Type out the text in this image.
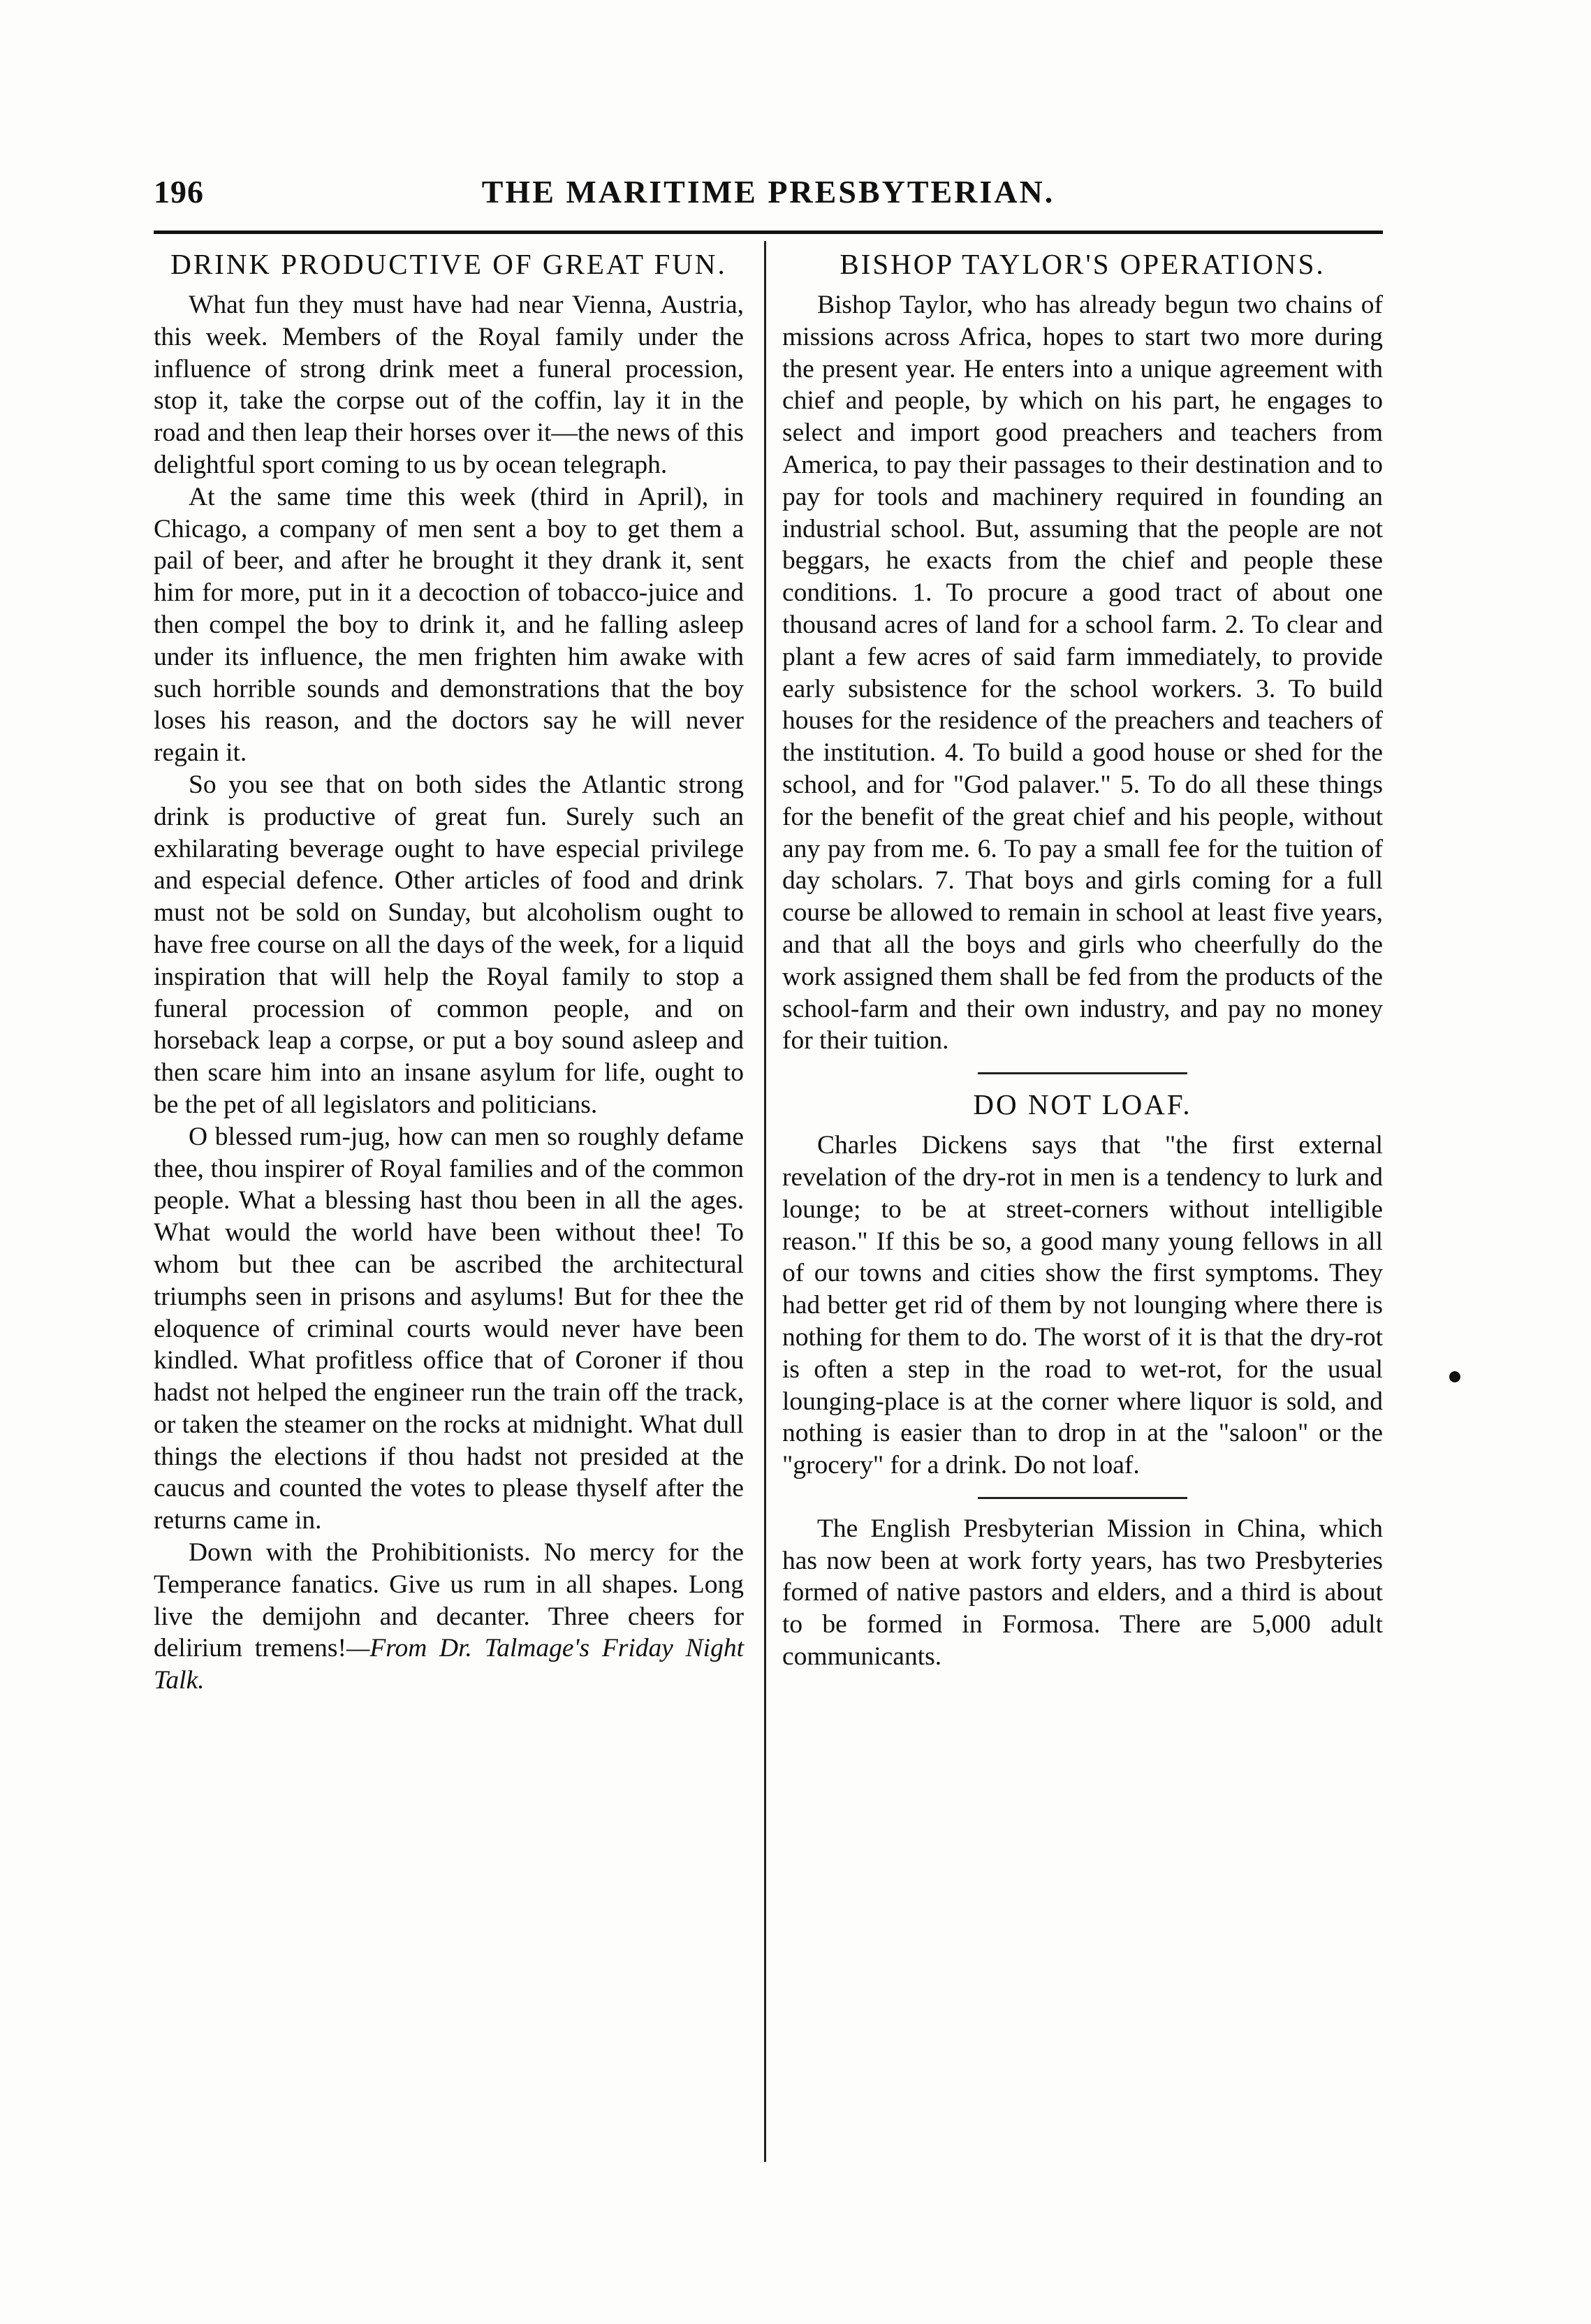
196	THE MARITIME PRESBYTERIAN.
DRINK PRODUCTIVE OF GREAT FUN.

What fun they must have had near Vienna, Austria, this week. Members of the Royal family under the influence of strong drink meet a funeral procession, stop it, take the corpse out of the coffin, lay it in the road and then leap their horses over it—the news of this delightful sport coming to us by ocean telegraph.

At the same time this week (third in April), in Chicago, a company of men sent a boy to get them a pail of beer, and after he brought it they drank it, sent him for more, put in it a decoction of tobacco-juice and then compel the boy to drink it, and he falling asleep under its influence, the men frighten him awake with such horrible sounds and demonstrations that the boy loses his reason, and the doctors say he will never regain it.

So you see that on both sides the Atlantic strong drink is productive of great fun. Surely such an exhilarating beverage ought to have especial privilege and especial defence. Other articles of food and drink must not be sold on Sunday, but alcoholism ought to have free course on all the days of the week, for a liquid inspiration that will help the Royal family to stop a funeral procession of common people, and on horseback leap a corpse, or put a boy sound asleep and then scare him into an insane asylum for life, ought to be the pet of all legislators and politicians.

O blessed rum-jug, how can men so roughly defame thee, thou inspirer of Royal families and of the common people. What a blessing hast thou been in all the ages. What would the world have been without thee! To whom but thee can be ascribed the architectural triumphs seen in prisons and asylums! But for thee the eloquence of criminal courts would never have been kindled. What profitless office that of Coroner if thou hadst not helped the engineer run the train off the track, or taken the steamer on the rocks at midnight. What dull things the elections if thou hadst not presided at the caucus and counted the votes to please thyself after the returns came in.

Down with the Prohibitionists. No mercy for the Temperance fanatics. Give us rum in all shapes. Long live the demijohn and decanter. Three cheers for delirium tremens!—From Dr. Talmage's Friday Night Talk.

BISHOP TAYLOR'S OPERATIONS.

Bishop Taylor, who has already begun two chains of missions across Africa, hopes to start two more during the present year. He enters into a unique agreement with chief and people, by which on his part, he engages to select and import good preachers and teachers from America, to pay their passages to their destination and to pay for tools and machinery required in founding an industrial school. But, assuming that the people are not beggars, he exacts from the chief and people these conditions. 1. To procure a good tract of about one thousand acres of land for a school farm. 2. To clear and plant a few acres of said farm immediately, to provide early subsistence for the school workers. 3. To build houses for the residence of the preachers and teachers of the institution. 4. To build a good house or shed for the school, and for "God palaver." 5. To do all these things for the benefit of the great chief and his people, without any pay from me. 6. To pay a small fee for the tuition of day scholars. 7. That boys and girls coming for a full course be allowed to remain in school at least five years, and that all the boys and girls who cheerfully do the work assigned them shall be fed from the products of the school-farm and their own industry, and pay no money for their tuition.

DO NOT LOAF.

Charles Dickens says that "the first external revelation of the dry-rot in men is a tendency to lurk and lounge; to be at street-corners without intelligible reason." If this be so, a good many young fellows in all of our towns and cities show the first symptoms. They had better get rid of them by not lounging where there is nothing for them to do. The worst of it is that the dry-rot is often a step in the road to wet-rot, for the usual lounging-place is at the corner where liquor is sold, and nothing is easier than to drop in at the "saloon" or the "grocery" for a drink. Do not loaf.

The English Presbyterian Mission in China, which has now been at work forty years, has two Presbyteries formed of native pastors and elders, and a third is about to be formed in Formosa. There are 5,000 adult communicants.
